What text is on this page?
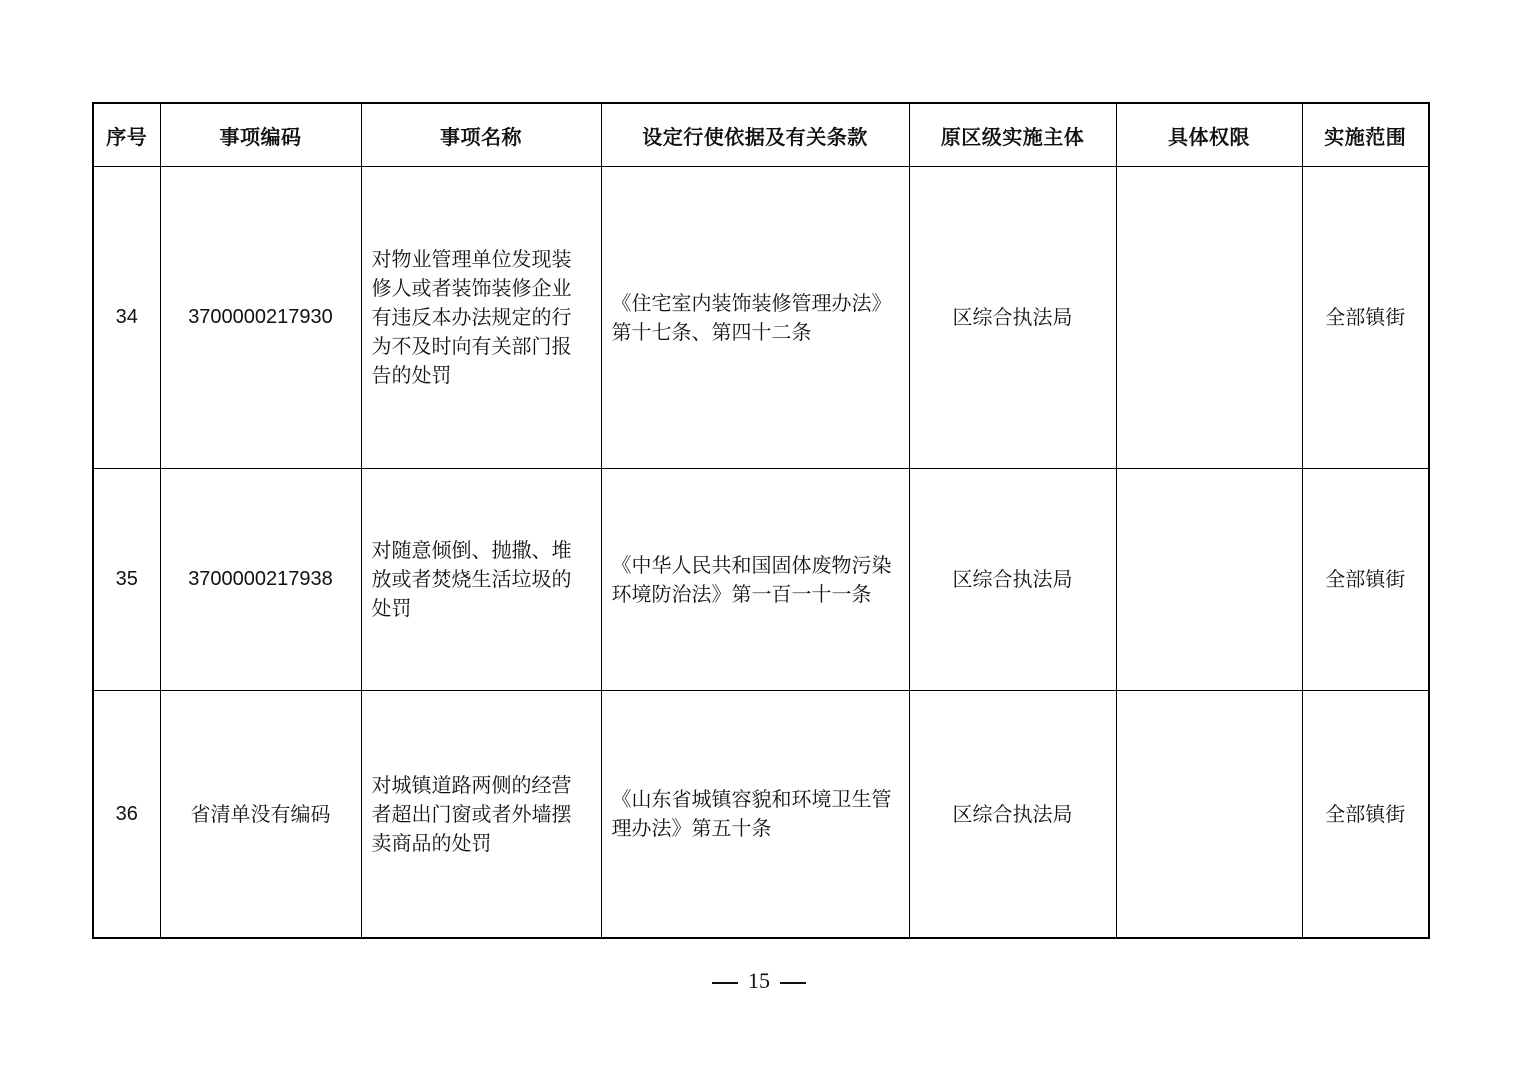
序号	事项编码	事项名称	设定行使依据及有关条款	原区级实施主体	具体权限	实施范围
34	3700000217930	对物业管理单位发现装修人或者装饰装修企业有违反本办法规定的行为不及时向有关部门报告的处罚	《住宅室内装饰装修管理办法》第十七条、第四十二条	区综合执法局		全部镇街
35	3700000217938	对随意倾倒、抛撒、堆放或者焚烧生活垃圾的处罚	《中华人民共和国固体废物污染环境防治法》第一百一十一条	区综合执法局		全部镇街
36	省清单没有编码	对城镇道路两侧的经营者超出门窗或者外墙摆卖商品的处罚	《山东省城镇容貌和环境卫生管理办法》第五十条	区综合执法局		全部镇街
15
